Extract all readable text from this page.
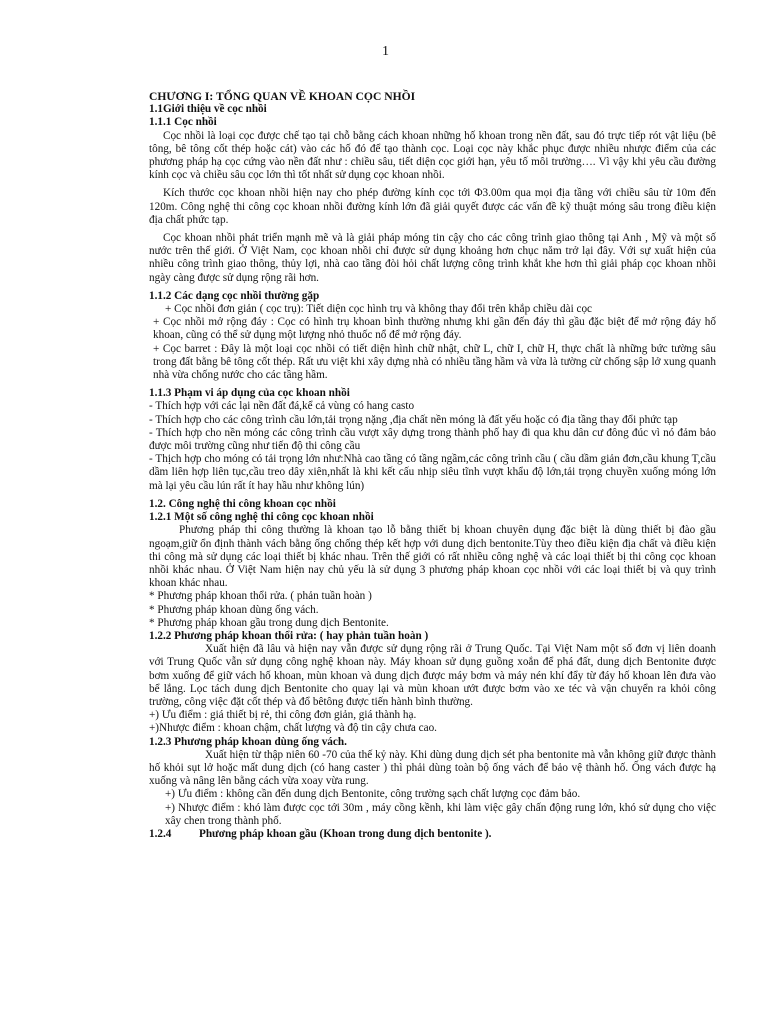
1

CHƯƠNG I: TỔNG QUAN VỀ KHOAN CỌC NHỒI

1.1Giới thiệu về cọc nhồi

1.1.1 Cọc nhồi

Cọc nhồi là loại cọc được chế tạo tại chỗ bằng cách khoan những hố khoan trong nền đất, sau đó trực tiếp rót vật liệu (bê tông, bê tông cốt thép hoặc cát) vào các hố đó để tạo thành cọc. Loại cọc này khắc phục được nhiều nhược điểm của các phương pháp hạ cọc cứng vào nền đất như : chiều sâu, tiết diện cọc giới hạn, yêu tố môi trường…. Vì vậy khi yêu cầu đường kính cọc và chiều sâu cọc lớn thì tốt nhất sử dụng cọc khoan nhồi.

Kích thước cọc khoan nhồi hiện nay cho phép đường kính cọc tới Φ3.00m qua mọi địa tầng với chiều sâu từ 10m đến 120m. Công nghệ thi công cọc khoan nhồi đường kính lớn đã giải quyết được các vấn đề kỹ thuật móng sâu trong điều kiện địa chất phức tạp.

Cọc khoan nhồi phát triển mạnh mẽ và là giải pháp móng tin cậy cho các công trình giao thông tại Anh , Mỹ và một số nước trên thế giới. Ở Việt Nam, cọc khoan nhồi chỉ được sử dụng khoảng hơn chục năm trở lại đây. Với sự xuất hiện của nhiều công trình giao thông, thủy lợi, nhà cao tầng đòi hỏi chất lượng công trình khắt khe hơn thì giải pháp cọc khoan nhồi ngày càng được sử dụng rộng rãi hơn.

1.1.2 Các dạng cọc nhồi thường gặp

+ Cọc nhồi đơn giản ( cọc trụ): Tiết diện cọc hình trụ và không thay đổi trên khắp chiều dài cọc

+ Cọc nhồi mở rộng đáy : Cọc có hình trụ khoan bình thường nhưng khi gần đến đáy thì gầu đặc biệt để mở rộng đáy hố khoan, cũng có thể sử dụng một lượng nhỏ thuốc nổ để mở rộng đáy.

+ Cọc barret : Đây là một loại cọc nhồi có tiết diện hình chữ nhật, chữ L, chữ I, chữ H, thực chất là những bức tường sâu trong đất bằng bê tông cốt thép. Rất ưu việt khi xây dựng nhà có nhiều tầng hầm và vừa là tường cừ chống sập lở xung quanh nhà vừa chống nước cho các tầng hầm.

1.1.3 Phạm vi áp dụng của cọc khoan nhồi

- Thích hợp với các lại nền đất đá,kể cả vùng có hang casto

- Thích hợp cho các công trình cầu lớn,tải trọng nặng ,địa chất nền móng là đất yếu hoặc có địa tầng thay đổi phức tạp

- Thích hợp cho nền móng các công trình cầu vượt xây dựng trong thành phố hay đi qua khu dân cư đông đúc vì nó đảm bảo được môi trường cũng như tiến độ thi công cầu

- Thịch hợp cho móng có tải trọng lớn như:Nhà cao tầng có tầng ngầm,các công trình cầu ( cầu dầm giản đơn,cầu khung T,cầu dầm liên hợp liên tục,cầu treo dây xiên,nhất là khi kết cấu nhịp siêu tĩnh vượt khẩu độ lớn,tải trọng chuyền xuống móng lớn mà lại yêu cầu lún rất ít hay hầu như không lún)

1.2. Công nghệ thi công khoan cọc nhồi

1.2.1 Một số công nghệ thi công cọc khoan nhồi

Phương pháp thi công thường là khoan tạo lỗ bằng thiết bị khoan chuyên dụng đặc biệt là dùng thiết bị đào gầu ngoạm,giữ ổn định thành vách bằng ống chống thép kết hợp với dung dịch bentonite.Tùy theo điều kiện địa chất và điều kiện thi công mà sử dụng các loại thiết bị khác nhau. Trên thế giới có rất nhiều công nghệ và các loại thiết bị thi công cọc khoan nhồi khác nhau. Ở Việt Nam hiện nay chủ yếu là sử dụng 3 phương pháp khoan cọc nhồi với các loại thiết bị và quy trình khoan khác nhau.

* Phương pháp khoan thổi rửa. ( phản tuần hoàn )

* Phương pháp khoan dùng ống vách.

* Phương pháp khoan gầu trong dung dịch Bentonite.

1.2.2 Phương pháp khoan thổi rửa: ( hay phản tuần hoàn )

Xuất hiện đã lâu và hiện nay vẫn được sử dụng rộng rãi ở Trung Quốc. Tại Việt Nam một số đơn vị liên doanh với Trung Quốc vẫn sử dụng công nghệ khoan này. Máy khoan sử dụng guồng xoắn để phá đất, dung dịch Bentonite được bơm xuống để giữ vách hố khoan, mùn khoan và dung dịch được máy bơm và máy nén khí đẩy từ đáy hố khoan lên đưa vào bể lắng. Lọc tách dung dịch Bentonite cho quay lại và mùn khoan ướt được bơm vào xe téc và vận chuyển ra khỏi công trường, công việc đặt cốt thép và đổ bêtông được tiến hành bình thường.

+) Ưu điểm : giá thiết bị rẻ, thi công đơn giản, giá thành hạ.

+)Nhược điểm : khoan chậm, chất lượng và độ tin cậy chưa cao.

1.2.3 Phương pháp khoan dùng ống vách.

Xuất hiện từ thập niên 60 -70 của thế kỷ này. Khi dùng dung dịch sét pha bentonite mà vẫn không giữ được thành hố khỏi sụt lở hoặc mất dung dịch (có hang caster ) thì phải dùng toàn bộ ống vách để bảo vệ thành hố. Ống vách được hạ xuống và nâng lên bằng cách vừa xoay vừa rung.

+) Ưu điểm : không cần đến dung dịch Bentonite, công trường sạch chất lượng cọc đảm bảo.

+) Nhược điểm : khó làm được cọc tới 30m , máy cồng kềnh, khi làm việc gây chấn động rung lớn, khó sử dụng cho việc xây chen trong thành phố.

1.2.4 Phương pháp khoan gầu (Khoan trong dung dịch bentonite ).
